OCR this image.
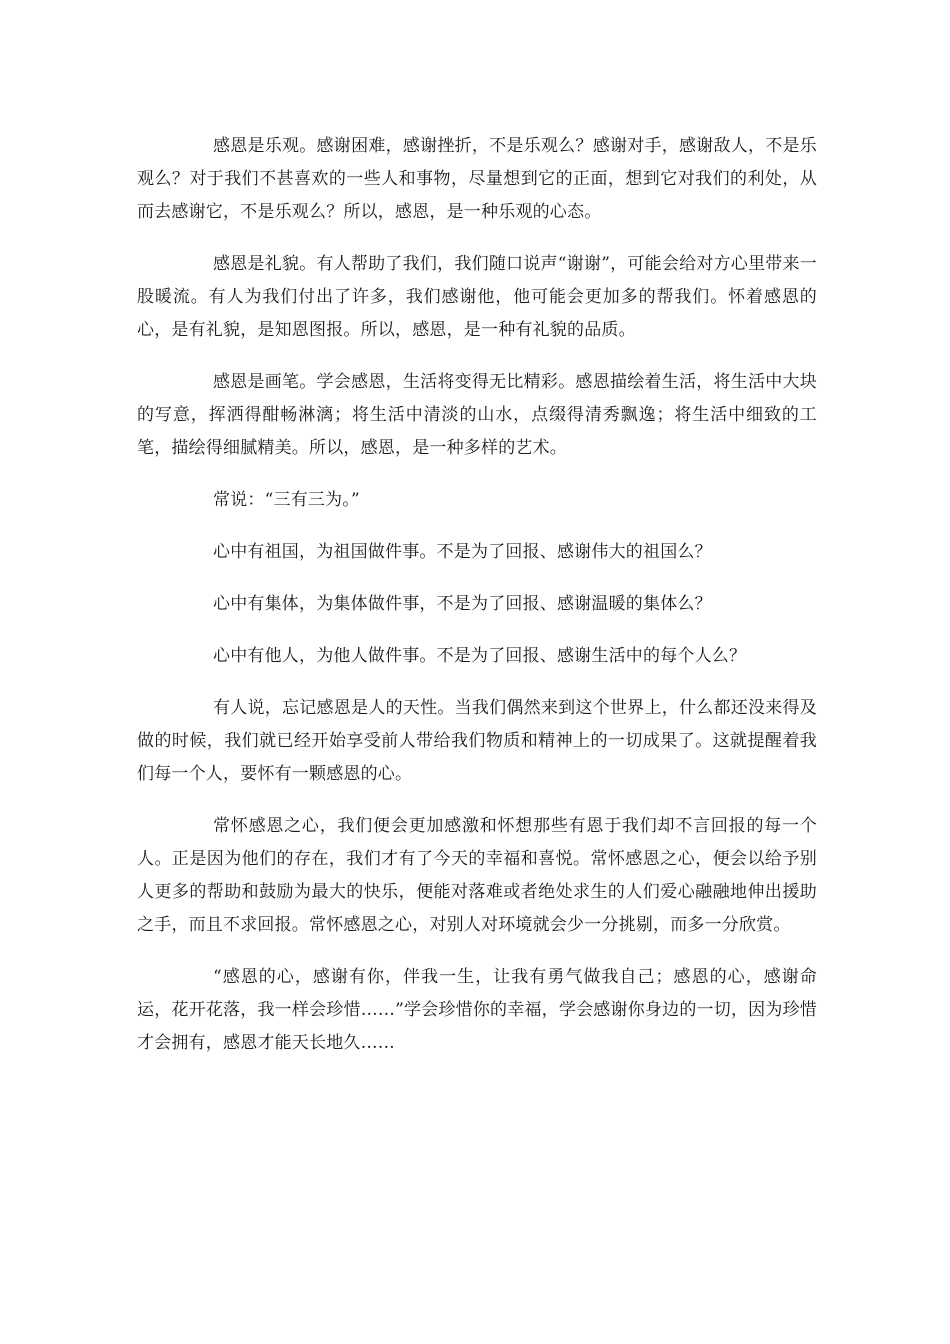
感恩是乐观。感谢困难，感谢挫折，不是乐观么？感谢对手，感谢敌人，不是乐观么？对于我们不甚喜欢的一些人和事物，尽量想到它的正面，想到它对我们的利处，从而去感谢它，不是乐观么？所以，感恩，是一种乐观的心态。

感恩是礼貌。有人帮助了我们，我们随口说声“谢谢”，可能会给对方心里带来一股暖流。有人为我们付出了许多，我们感谢他，他可能会更加多的帮我们。怀着感恩的心，是有礼貌，是知恩图报。所以，感恩，是一种有礼貌的品质。

感恩是画笔。学会感恩，生活将变得无比精彩。感恩描绘着生活，将生活中大块的写意，挥洒得酣畅淋漓；将生活中清淡的山水，点缀得清秀飘逸；将生活中细致的工笔，描绘得细腻精美。所以，感恩，是一种多样的艺术。

常说：“三有三为。”

心中有祖国，为祖国做件事。不是为了回报、感谢伟大的祖国么？

心中有集体，为集体做件事，不是为了回报、感谢温暖的集体么？

心中有他人，为他人做件事。不是为了回报、感谢生活中的每个人么？

有人说，忘记感恩是人的天性。当我们偶然来到这个世界上，什么都还没来得及做的时候，我们就已经开始享受前人带给我们物质和精神上的一切成果了。这就提醒着我们每一个人，要怀有一颗感恩的心。

常怀感恩之心，我们便会更加感激和怀想那些有恩于我们却不言回报的每一个人。正是因为他们的存在，我们才有了今天的幸福和喜悦。常怀感恩之心，便会以给予别人更多的帮助和鼓励为最大的快乐，便能对落难或者绝处求生的人们爱心融融地伸出援助之手，而且不求回报。常怀感恩之心，对别人对环境就会少一分挑剔，而多一分欣赏。

“感恩的心，感谢有你，伴我一生，让我有勇气做我自己；感恩的心，感谢命运，花开花落，我一样会珍惜……”学会珍惜你的幸福，学会感谢你身边的一切，因为珍惜才会拥有，感恩才能天长地久……
